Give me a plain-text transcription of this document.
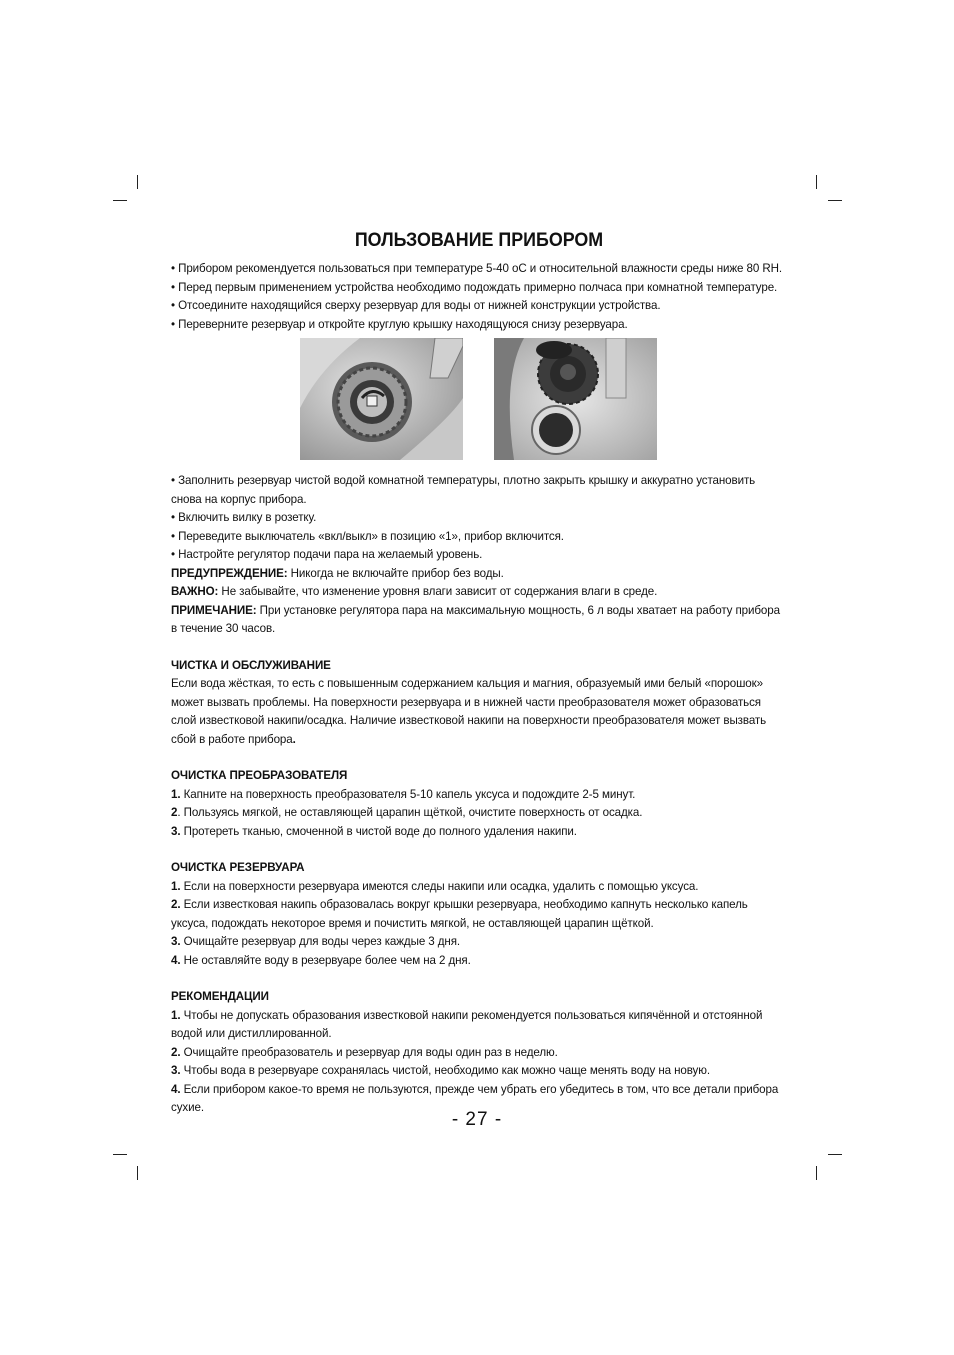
ПОЛЬЗОВАНИЕ ПРИБОРОМ

• Прибором рекомендуется пользоваться при температуре 5-40 оС и относительной влажности среды ниже 80 RH.

• Перед первым применением устройства необходимо подождать примерно полчаса при комнатной температуре.

• Отсоедините находящийся сверху резервуар для воды от нижней конструкции устройства.

• Переверните резервуар и откройте круглую крышку находящуюся снизу резервуара.

• Заполнить резервуар чистой водой комнатной температуры, плотно закрыть крышку и аккуратно установить снова на корпус прибора.

• Включить вилку в розетку.

• Переведите выключатель «вкл/выкл» в позицию «1», прибор включится.

• Настройте регулятор подачи пара на желаемый уровень.

ПРЕДУПРЕЖДЕНИЕ: Никогда не включайте прибор без воды.

ВАЖНО: Не забывайте, что изменение уровня влаги зависит от содержания влаги в среде.

ПРИМЕЧАНИЕ: При установке регулятора пара на максимальную мощность, 6 л воды хватает на работу прибора в течение 30 часов.

ЧИСТКА И ОБСЛУЖИВАНИЕ

Если вода жёсткая, то есть с повышенным содержанием кальция и магния, образуемый ими белый «порошок» может вызвать проблемы. На поверхности резервуара и в нижней части преобразователя может образоваться слой известковой накипи/осадка. Наличие известковой накипи на поверхности преобразователя может вызвать сбой в работе прибора.

ОЧИСТКА ПРЕОБРАЗОВАТЕЛЯ

1. Капните на поверхность преобразователя 5-10 капель уксуса и подождите 2-5 минут.

2. Пользуясь мягкой, не оставляющей царапин щёткой, очистите поверхность от осадка.

3. Протереть тканью, смоченной в чистой воде до полного удаления накипи.

ОЧИСТКА РЕЗЕРВУАРА

1. Если на поверхности резервуара имеются следы накипи или осадка, удалить с помощью уксуса.

2. Если известковая накипь образовалась вокруг крышки резервуара, необходимо капнуть несколько капель уксуса, подождать некоторое время и почистить мягкой, не оставляющей царапин щёткой.

3. Очищайте резервуар для воды через каждые 3 дня.

4. Не оставляйте воду в резервуаре более чем на 2 дня.

РЕКОМЕНДАЦИИ

1. Чтобы не допускать образования известковой накипи рекомендуется пользоваться кипячённой и отстоянной водой или дистиллированной.

2. Очищайте преобразователь и резервуар для воды один раз в неделю.

3. Чтобы вода в резервуаре сохранялась чистой, необходимо как можно чаще менять воду на новую.

4. Если прибором какое-то время не пользуются, прежде чем убрать его убедитесь в том, что все детали прибора сухие.

- 27 -
